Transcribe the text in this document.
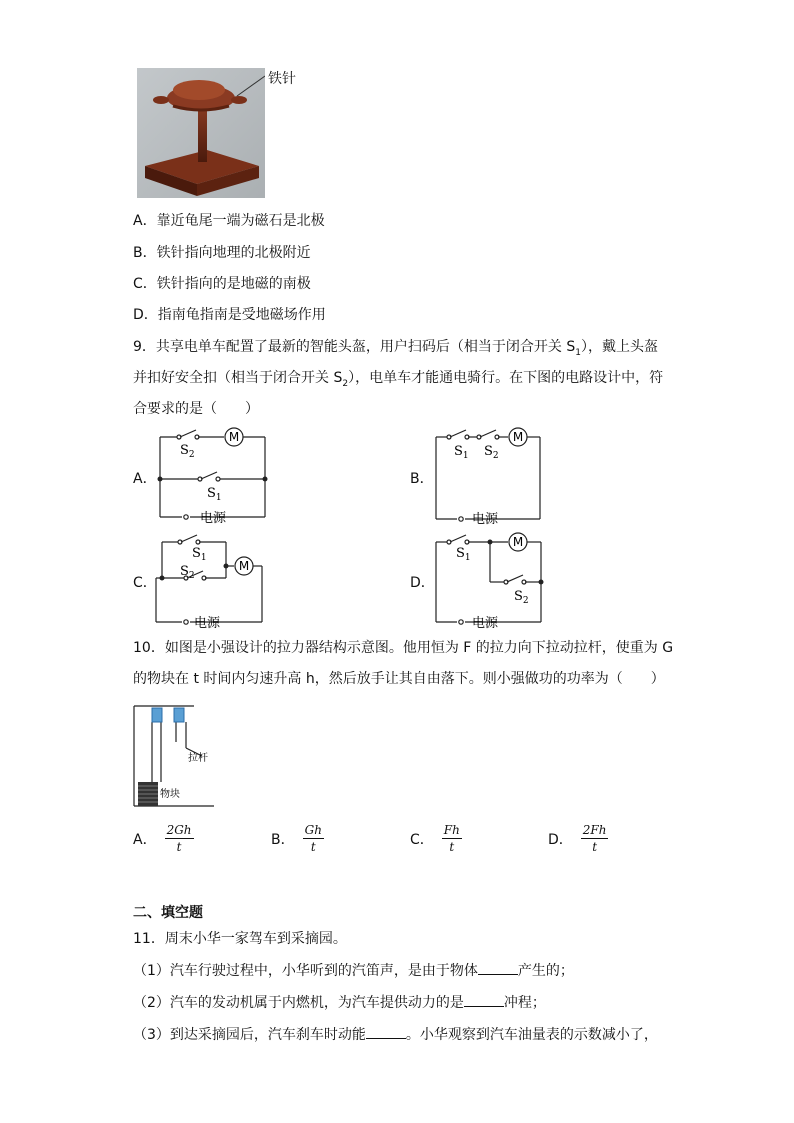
铁针
A．靠近龟尾一端为磁石是北极
B．铁针指向地理的北极附近
C．铁针指向的是地磁的南极
D．指南龟指南是受地磁场作用
9．共享电单车配置了最新的智能头盔，用户扫码后（相当于闭合开关 $S_1$），戴上头盔
并扣好安全扣（相当于闭合开关 $S_2$），电单车才能通电骑行。在下图的电路设计中，符
合要求的是（　　）
A．
M
$S_2$
$S_1$
电源
B．
M
$S_1$ $S_2$
电源
C．
M
$S_1$
$S_2$
电源
D．
M
$S_1$
$S_2$
电源
10．如图是小强设计的拉力器结构示意图。他用恒为 F 的拉力向下拉动拉杆，使重为 G
的物块在 t 时间内匀速升高 h，然后放手让其自由落下。则小强做功的功率为（　　）
拉杆
物块
A． $\frac{2Gh}{t}$	B． $\frac{Gh}{t}$	C． $\frac{Fh}{t}$	D． $\frac{2Fh}{t}$
二、填空题
11．周末小华一家驾车到采摘园。
（1）汽车行驶过程中，小华听到的汽笛声，是由于物体	产生的；
（2）汽车的发动机属于内燃机，为汽车提供动力的是	冲程；
（3）到达采摘园后，汽车刹车时动能	。小华观察到汽车油量表的示数减小了，
